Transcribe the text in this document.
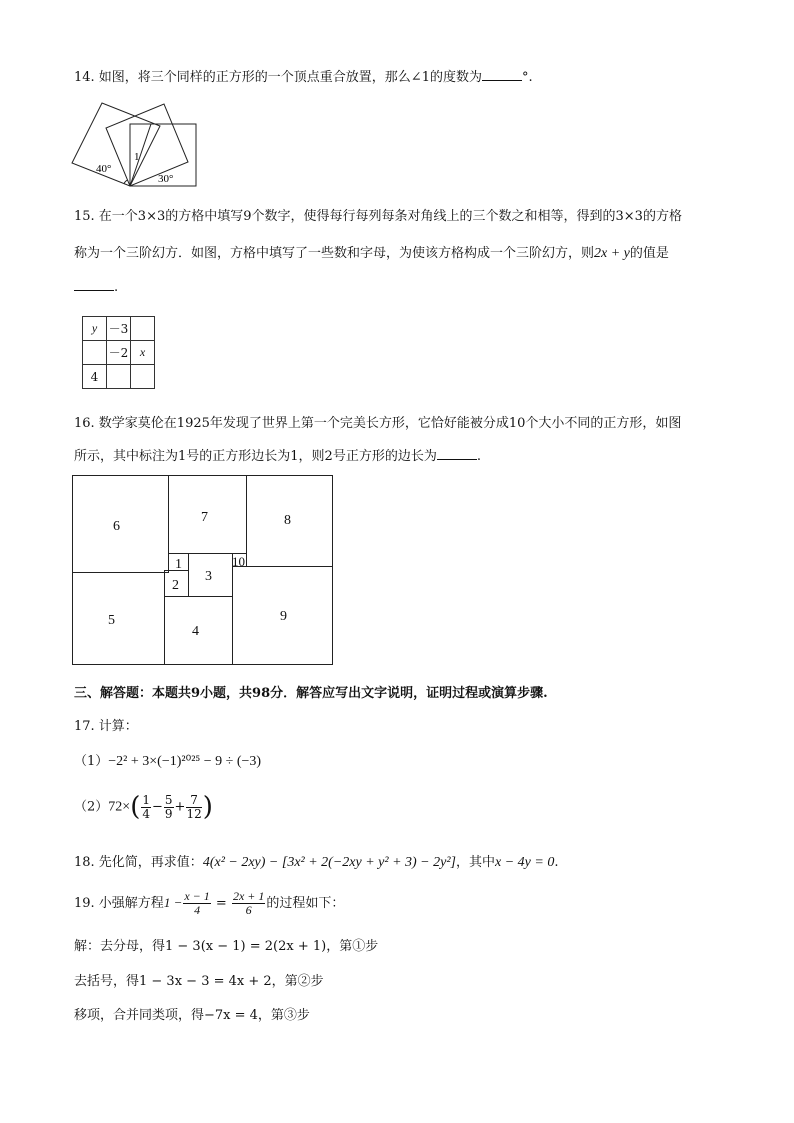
14. 如图，将三个同样的正方形的一个顶点重合放置，那么∠1的度数为	°.
40°
1
30°
15. 在一个3×3的方格中填写9个数字，使得每行每列每条对角线上的三个数之和相等，得到的3×3的方格
称为一个三阶幻方．如图，方格中填写了一些数和字母，为使该方格构成一个三阶幻方，则2x + y的值是
.
y	－3	
	－2	x
4		
16. 数学家莫伦在1925年发现了世界上第一个完美长方形，它恰好能被分成10个大小不同的正方形，如图
所示，其中标注为1号的正方形边长为1，则2号正方形的边长为	.
6
7	8
5
4
9
3
1
2
10
三、解答题：本题共9小题，共98分．解答应写出文字说明，证明过程或演算步骤.
17. 计算：
（1）−2² + 3×(−1)²⁰²⁵ − 9 ÷ (−3)
$(2)72\times( \frac{1}{4} - \frac{5}{9} + \frac{7}{12}$ )
18. 先化简，再求值：4(x² − 2xy) − [3x² + 2(−2xy + y² + 3) − 2y²]，其中x − 4y = 0.
19. 小强解方程$1 - \frac{x - 1}{4} = \frac{2x + 1}{6}$ 的过程如下：
解：去分母，得1 − 3(x − 1) = 2(2x + 1)，第①步
去括号，得1 − 3x − 3 = 4x + 2，第②步
移项，合并同类项，得−7x = 4，第③步
